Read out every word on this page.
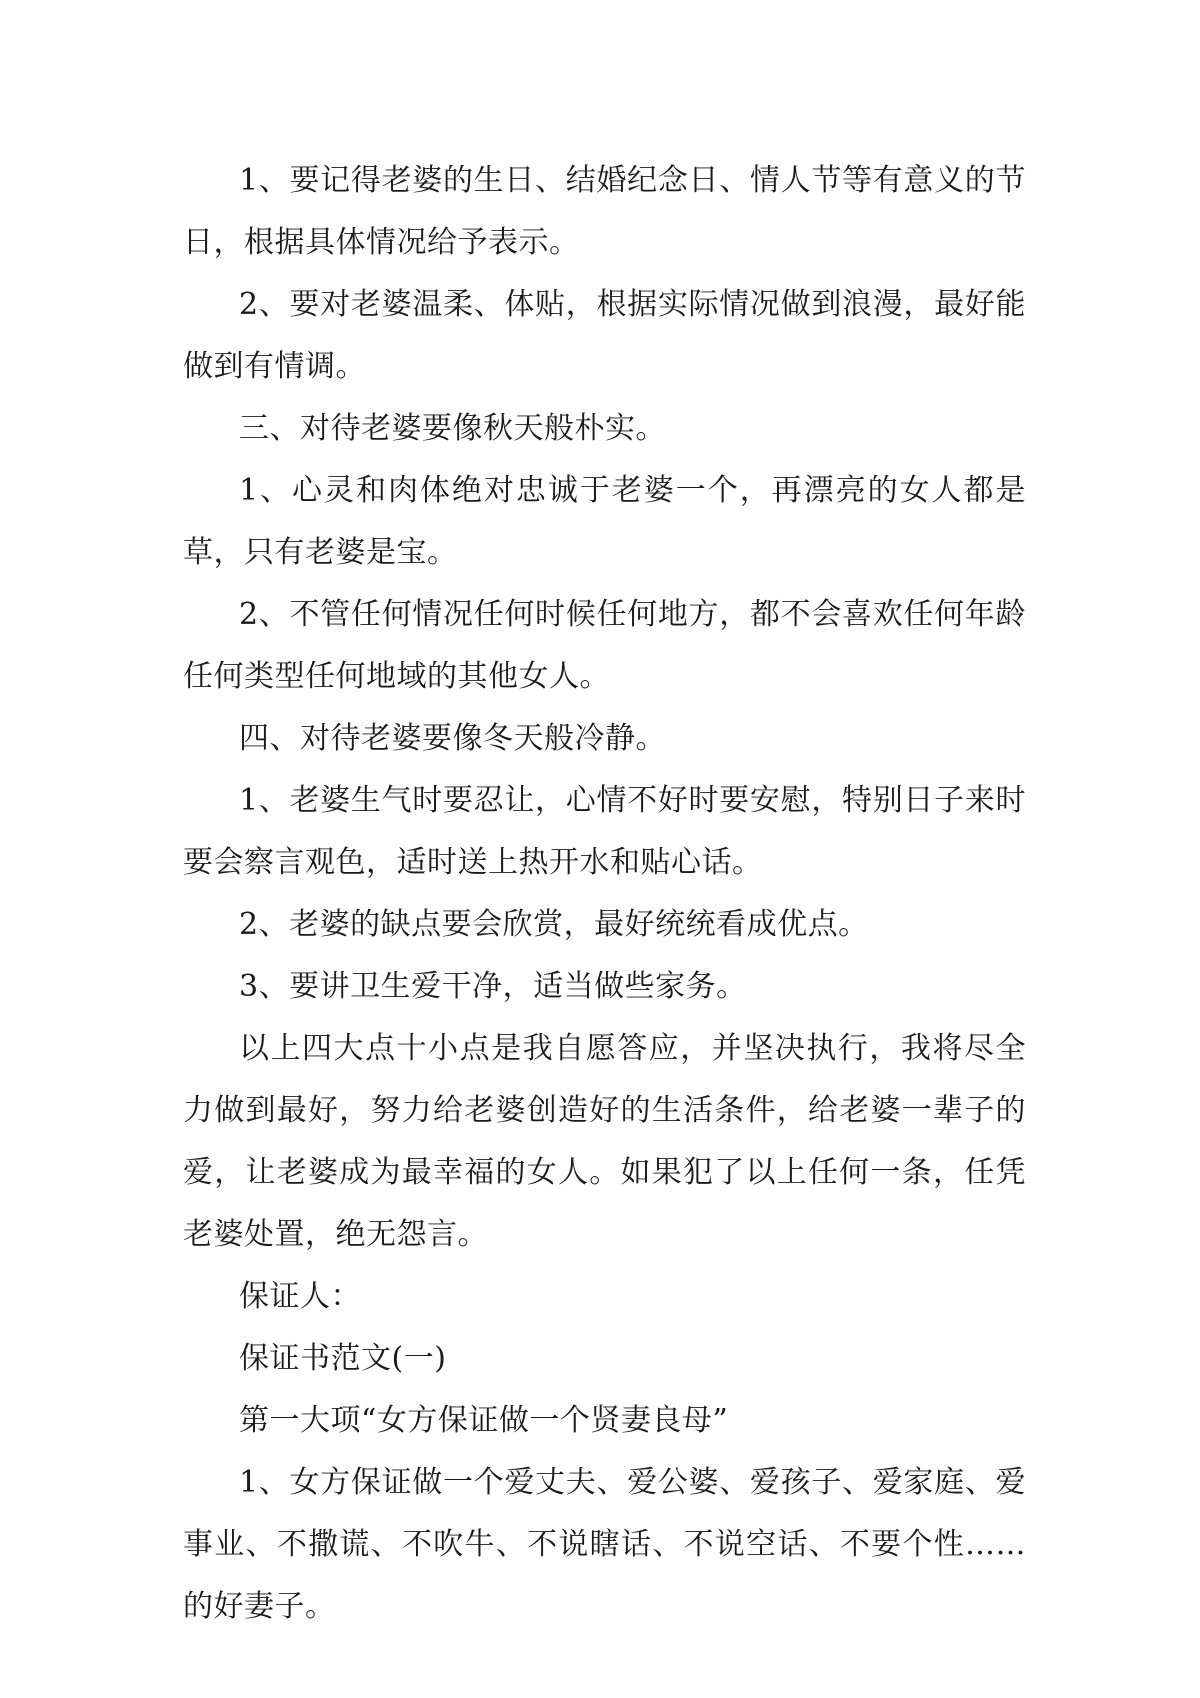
1、要记得老婆的生日、结婚纪念日、情人节等有意义的节日，根据具体情况给予表示。

2、要对老婆温柔、体贴，根据实际情况做到浪漫，最好能做到有情调。

三、对待老婆要像秋天般朴实。

1、心灵和肉体绝对忠诚于老婆一个，再漂亮的女人都是草，只有老婆是宝。

2、不管任何情况任何时候任何地方，都不会喜欢任何年龄任何类型任何地域的其他女人。

四、对待老婆要像冬天般冷静。

1、老婆生气时要忍让，心情不好时要安慰，特别日子来时要会察言观色，适时送上热开水和贴心话。

2、老婆的缺点要会欣赏，最好统统看成优点。

3、要讲卫生爱干净，适当做些家务。

以上四大点十小点是我自愿答应，并坚决执行，我将尽全力做到最好，努力给老婆创造好的生活条件，给老婆一辈子的爱，让老婆成为最幸福的女人。如果犯了以上任何一条，任凭老婆处置，绝无怨言。

保证人：

保证书范文(一)

第一大项“女方保证做一个贤妻良母”

1、女方保证做一个爱丈夫、爱公婆、爱孩子、爱家庭、爱事业、不撒谎、不吹牛、不说瞎话、不说空话、不要个性……的好妻子。
